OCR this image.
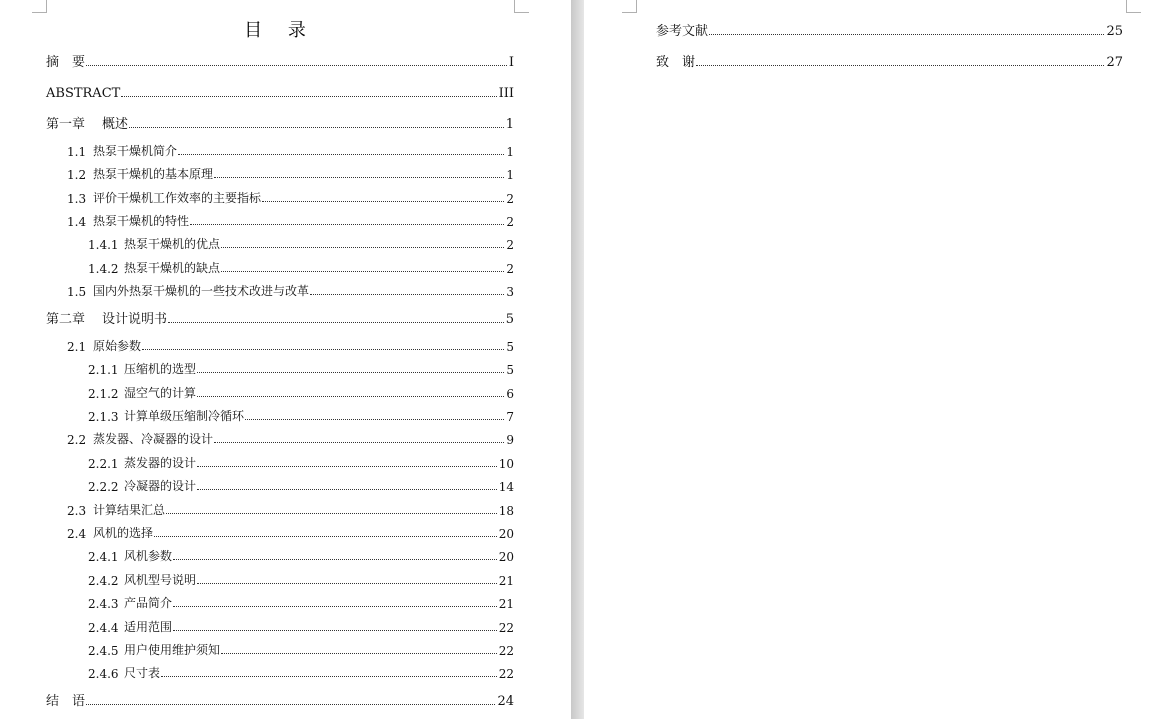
目 录
摘　要	I
ABSTRACT	III
第一章	概述	1
1.1 热泵干燥机简介	1
1.2 热泵干燥机的基本原理	1
1.3 评价干燥机工作效率的主要指标	2
1.4 热泵干燥机的特性	2
1.4.1 热泵干燥机的优点	2
1.4.2 热泵干燥机的缺点	2
1.5 国内外热泵干燥机的一些技术改进与改革	3
第二章	设计说明书	5
2.1 原始参数	5
2.1.1 压缩机的选型	5
2.1.2 湿空气的计算	6
2.1.3 计算单级压缩制冷循环	7
2.2 蒸发器、冷凝器的设计	9
2.2.1 蒸发器的设计	10
2.2.2 冷凝器的设计	14
2.3 计算结果汇总	18
2.4 风机的选择	20
2.4.1 风机参数	20
2.4.2 风机型号说明	21
2.4.3 产品简介	21
2.4.4 适用范围	22
2.4.5 用户使用维护须知	22
2.4.6 尺寸表	22
结　语	24
参考文献	25
致　谢	27
